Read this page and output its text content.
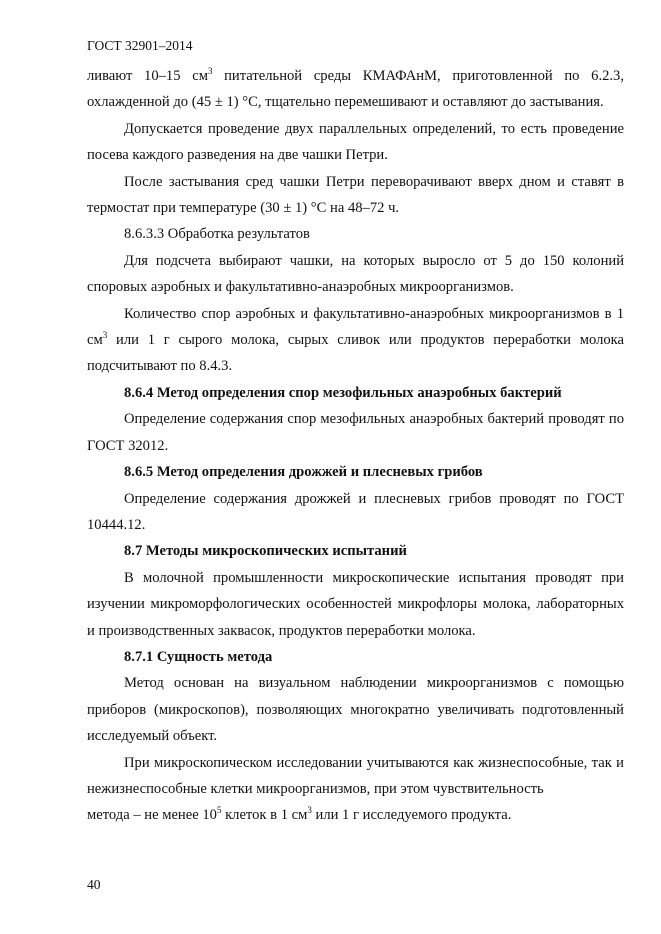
ГОСТ 32901–2014

ливают 10–15 $см^3$ питательной среды КМАФАнМ, приготовленной по 6.2.3, охлажденной до (45 ± 1) °С, тщательно перемешивают и оставляют до застывания.

Допускается проведение двух параллельных определений, то есть проведение посева каждого разведения на две чашки Петри.

После застывания сред чашки Петри переворачивают вверх дном и ставят в термостат при температуре (30 ± 1) °С на 48–72 ч.

8.6.3.3 Обработка результатов

Для подсчета выбирают чашки, на которых выросло от 5 до 150 колоний споровых аэробных и факультативно-анаэробных микроорганизмов.

Количество спор аэробных и факультативно-анаэробных микроорганизмов в 1 $см^3$ или 1 г сырого молока, сырых сливок или продуктов переработки молока подсчитывают по 8.4.3.

8.6.4 Метод определения спор мезофильных анаэробных бактерий

Определение содержания спор мезофильных анаэробных бактерий проводят по ГОСТ 32012.

8.6.5 Метод определения дрожжей и плесневых грибов

Определение содержания дрожжей и плесневых грибов проводят по ГОСТ 10444.12.

8.7 Методы микроскопических испытаний

В молочной промышленности микроскопические испытания проводят при изучении микроморфологических особенностей микрофлоры молока, лабораторных и производственных заквасок, продуктов переработки молока.

8.7.1 Сущность метода

Метод основан на визуальном наблюдении микроорганизмов с помощью приборов (микроскопов), позволяющих многократно увеличивать подготовленный исследуемый объект.

При микроскопическом исследовании учитываются как жизнеспособные, так и нежизнеспособные клетки микроорганизмов, при этом чувствительность

метода – не менее $10^5$ клеток в 1 $см^3$ или 1 г исследуемого продукта.

40
